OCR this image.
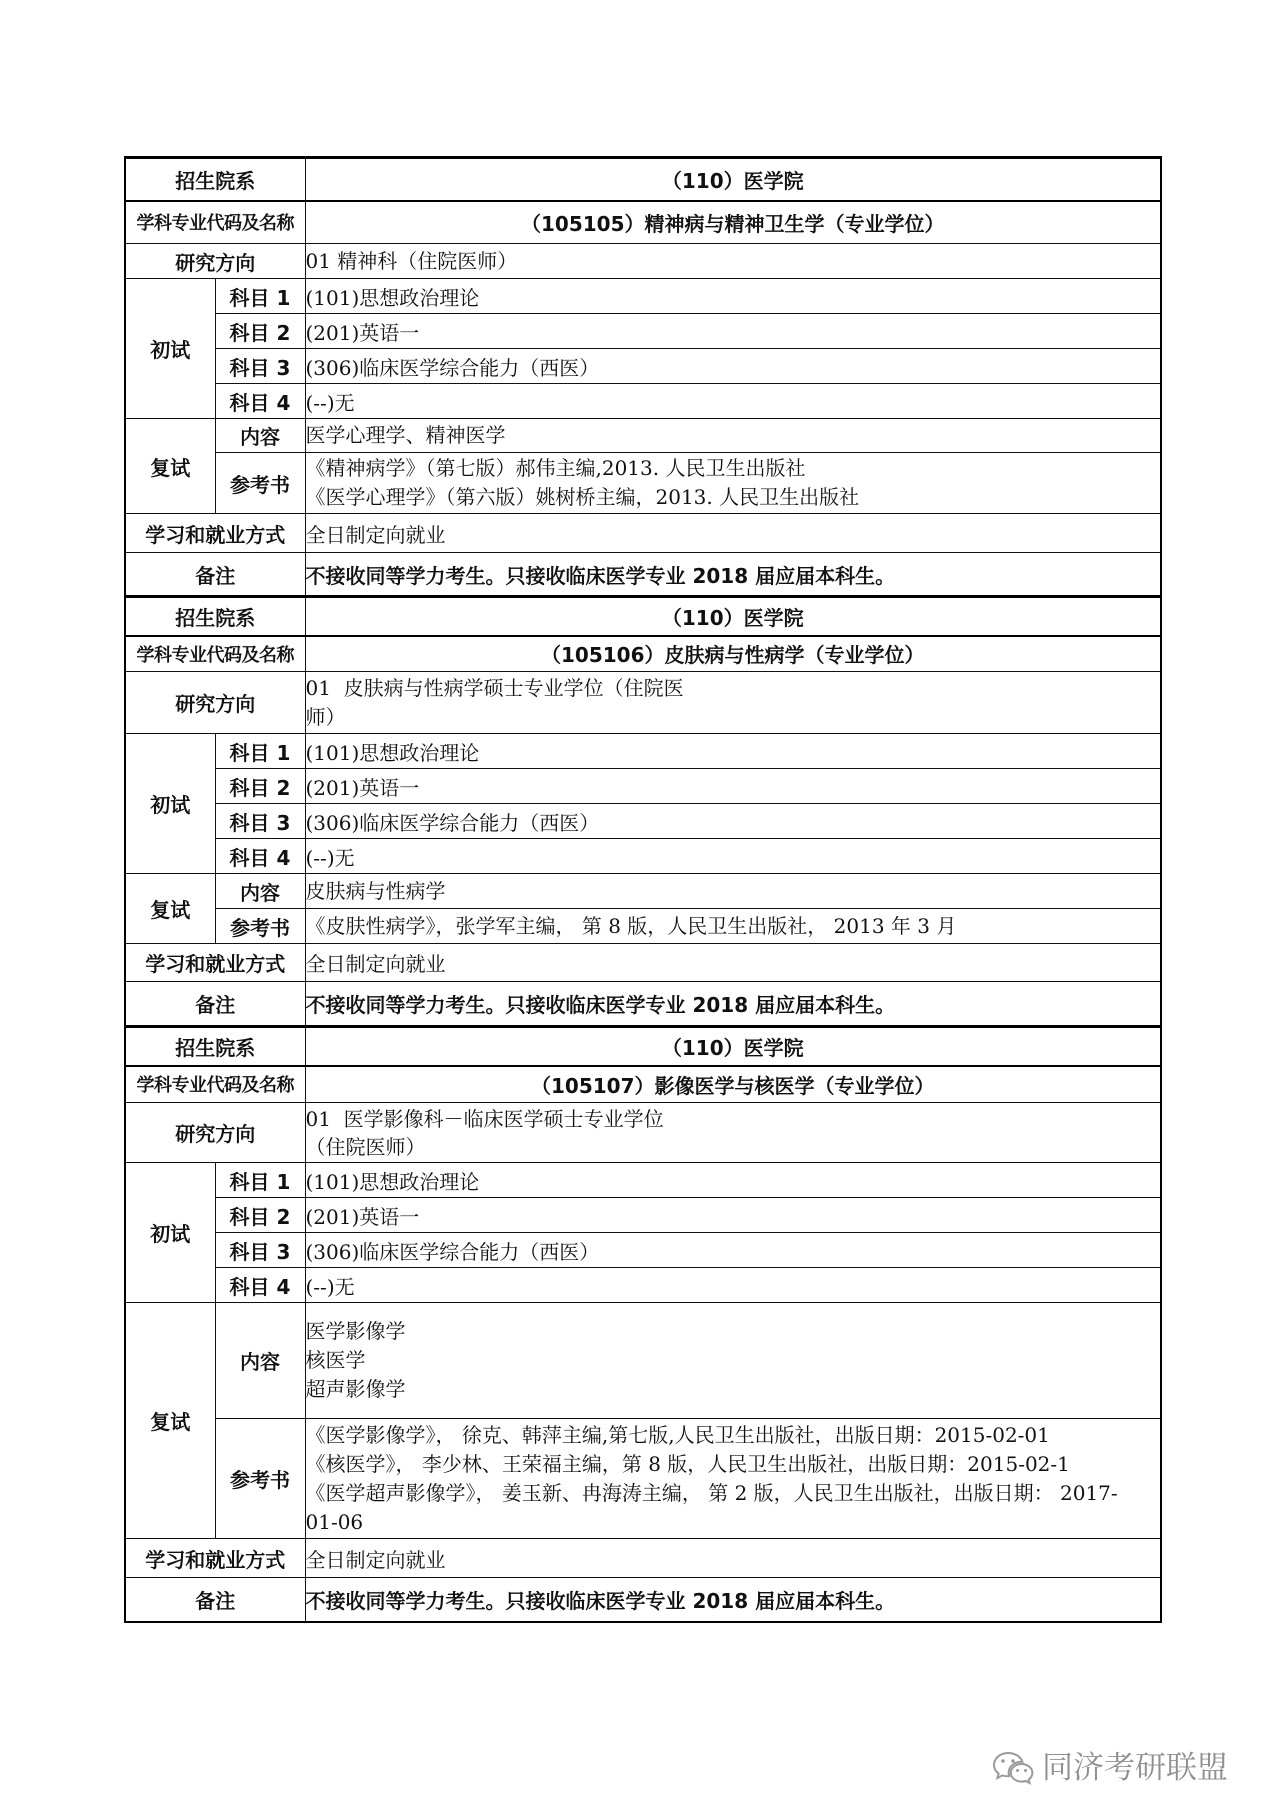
招生院系		（110）医学院
学科专业代码及名称		（105105）精神病与精神卫生学（专业学位）
研究方向		01 精神科（住院医师）

初试	科目 1	(101)思想政治理论
	科目 2	(201)英语一
	科目 3	(306)临床医学综合能力（西医）
	科目 4	(--)无
复试	内容	医学心理学、精神医学

	参考书	《精神病学》（第七版）郝伟主编,2013. 人民卫生出版社
《医学心理学》（第六版）姚树桥主编，2013. 人民卫生出版社

学习和就业方式		全日制定向就业
备注		不接收同等学力考生。只接收临床医学专业 2018 届应届本科生。
招生院系		（110）医学院
学科专业代码及名称		（105106）皮肤病与性病学（专业学位）
研究方向		01  皮肤病与性病学硕士专业学位（住院医
师）

初试	科目 1	(101)思想政治理论
	科目 2	(201)英语一
	科目 3	(306)临床医学综合能力（西医）
	科目 4	(--)无
复试	内容	皮肤病与性病学

	参考书	《皮肤性病学》，张学军主编， 第 8 版，人民卫生出版社， 2013 年 3 月

学习和就业方式		全日制定向就业
备注		不接收同等学力考生。只接收临床医学专业 2018 届应届本科生。
招生院系		（110）医学院
学科专业代码及名称		（105107）影像医学与核医学（专业学位）
研究方向		01  医学影像科－临床医学硕士专业学位
（住院医师）

初试	科目 1	(101)思想政治理论
	科目 2	(201)英语一
	科目 3	(306)临床医学综合能力（西医）
	科目 4	(--)无
复试	内容	医学影像学
核医学
超声影像学

	参考书	《医学影像学》， 徐克、韩萍主编,第七版,人民卫生出版社，出版日期：2015-02-01
《核医学》， 李少林、王荣福主编，第 8 版，人民卫生出版社，出版日期：2015-02-1
《医学超声影像学》， 姜玉新、冉海涛主编， 第 2 版，人民卫生出版社，出版日期： 2017-
01-06

学习和就业方式		全日制定向就业
备注		不接收同等学力考生。只接收临床医学专业 2018 届应届本科生。
同济考研联盟
